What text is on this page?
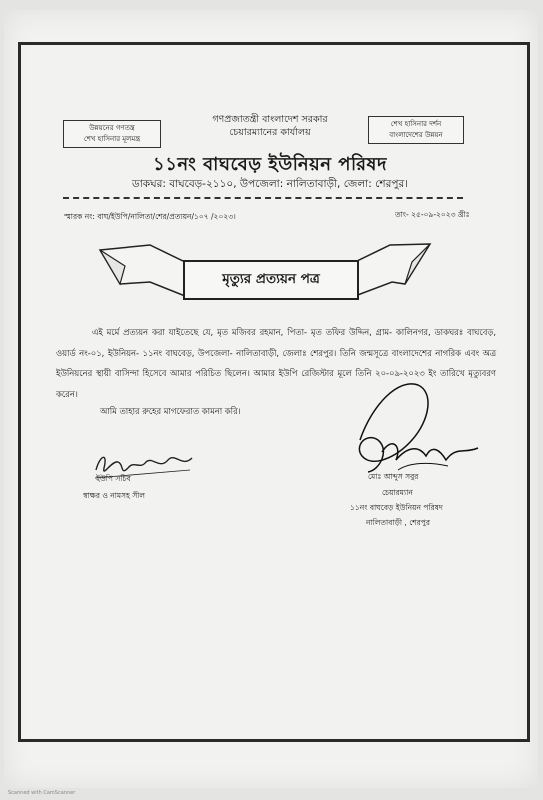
উন্নয়নের গণতন্ত্র
শেখ হাসিনার মূলমন্ত্র
শেখ হাসিনার দর্শন
বাংলাদেশের উন্নয়ন
গণপ্রজাতন্ত্রী বাংলাদেশ সরকার
চেয়ারম্যানের কার্যালয়
১১নং বাঘবেড় ইউনিয়ন পরিষদ
ডাকঘর: বাঘবেড়-২১১০, উপজেলা: নালিতাবাড়ী, জেলা: শেরপুর।
স্মারক নং: বাঘ/ইউপি/নালিতা/শের/প্রত্যয়ন/১০৭ /২০২৩।	তাং- ২৫-০৯-২০২৩ খ্রীঃ
মৃত্যুর প্রত্যয়ন পত্র
এই মর্মে প্রত্যয়ন করা যাইতেছে যে, মৃত মজিবর রহমান, পিতা- মৃত তফির উদ্দিন, গ্রাম- কালিনগর, ডাকঘরঃ বাঘবেড়, ওয়ার্ড নং-০১, ইউনিয়ন- ১১নং বাঘবেড়, উপজেলা- নালিতাবাড়ী, জেলাঃ শেরপুর। তিনি জন্মসূত্রে বাংলাদেশের নাগরিক এবং অত্র ইউনিয়নের স্থায়ী বাসিন্দা হিসেবে আমার পরিচিত ছিলেন। আমার ইউপি রেজিস্টার মূলে তিনি ২০-০৯-২০২৩ ইং তারিখে মৃত্যুবরণ করেন।
আমি তাহার রুহের মাগফেরাত কামনা করি।
ইউপি সচিব
স্বাক্ষর ও নামসহ সীল
মোঃ আব্দুস সবুর
চেয়ারম্যান
১১নং বাঘবেড় ইউনিয়ন পরিষদ
নালিতাবাড়ী , শেরপুর
Scanned with CamScanner
